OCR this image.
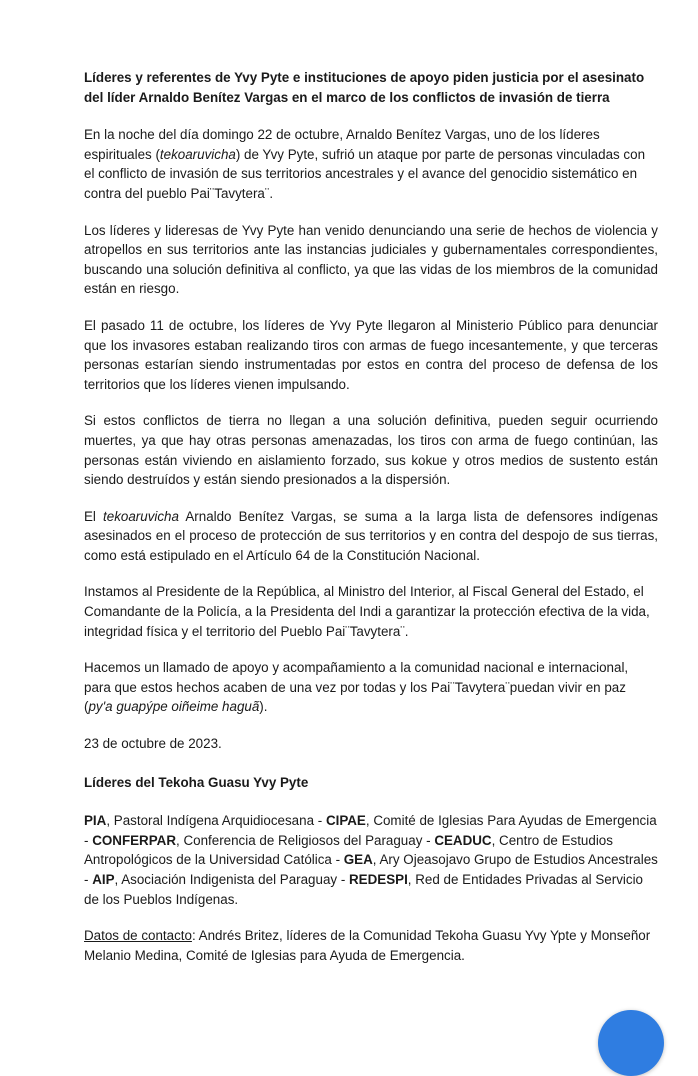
Líderes y referentes de Yvy Pyte e instituciones de apoyo piden justicia por el asesinato del líder Arnaldo Benítez Vargas en el marco de los conflictos de invasión de tierra

En la noche del día domingo 22 de octubre, Arnaldo Benítez Vargas, uno de los líderes espirituales (tekoaruvicha) de Yvy Pyte, sufrió un ataque por parte de personas vinculadas con el conflicto de invasión de sus territorios ancestrales y el avance del genocidio sistemático en contra del pueblo Pai¨Tavytera¨.

Los líderes y lideresas de Yvy Pyte han venido denunciando una serie de hechos de violencia y atropellos en sus territorios ante las instancias judiciales y gubernamentales correspondientes, buscando una solución definitiva al conflicto, ya que las vidas de los miembros de la comunidad están en riesgo.

El pasado 11 de octubre, los líderes de Yvy Pyte llegaron al Ministerio Público para denunciar que los invasores estaban realizando tiros con armas de fuego incesantemente, y que terceras personas estarían siendo instrumentadas por estos en contra del proceso de defensa de los territorios que los líderes vienen impulsando.

Si estos conflictos de tierra no llegan a una solución definitiva, pueden seguir ocurriendo muertes, ya que hay otras personas amenazadas, los tiros con arma de fuego continúan, las personas están viviendo en aislamiento forzado, sus kokue y otros medios de sustento están siendo destruídos y están siendo presionados a la dispersión.

El tekoaruvicha Arnaldo Benítez Vargas, se suma a la larga lista de defensores indígenas asesinados en el proceso de protección de sus territorios y en contra del despojo de sus tierras, como está estipulado en el Artículo 64 de la Constitución Nacional.

Instamos al Presidente de la República, al Ministro del Interior, al Fiscal General del Estado, el Comandante de la Policía, a la Presidenta del Indi a garantizar la protección efectiva de la vida, integridad física y el territorio del Pueblo Pai¨Tavytera¨.

Hacemos un llamado de apoyo y acompañamiento a la comunidad nacional e internacional, para que estos hechos acaben de una vez por todas y los Pai¨Tavytera¨puedan vivir en paz (py'a guapýpe oiñeime haguã).

23 de octubre de 2023.

Líderes del Tekoha Guasu Yvy Pyte

PIA, Pastoral Indígena Arquidiocesana - CIPAE, Comité de Iglesias Para Ayudas de Emergencia - CONFERPAR, Conferencia de Religiosos del Paraguay - CEADUC, Centro de Estudios Antropológicos de la Universidad Católica - GEA, Ary Ojeasojavo Grupo de Estudios Ancestrales - AIP, Asociación Indigenista del Paraguay - REDESPI, Red de Entidades Privadas al Servicio de los Pueblos Indígenas.

Datos de contacto: Andrés Britez, líderes de la Comunidad Tekoha Guasu Yvy Ypte y Monseñor Melanio Medina, Comité de Iglesias para Ayuda de Emergencia.
